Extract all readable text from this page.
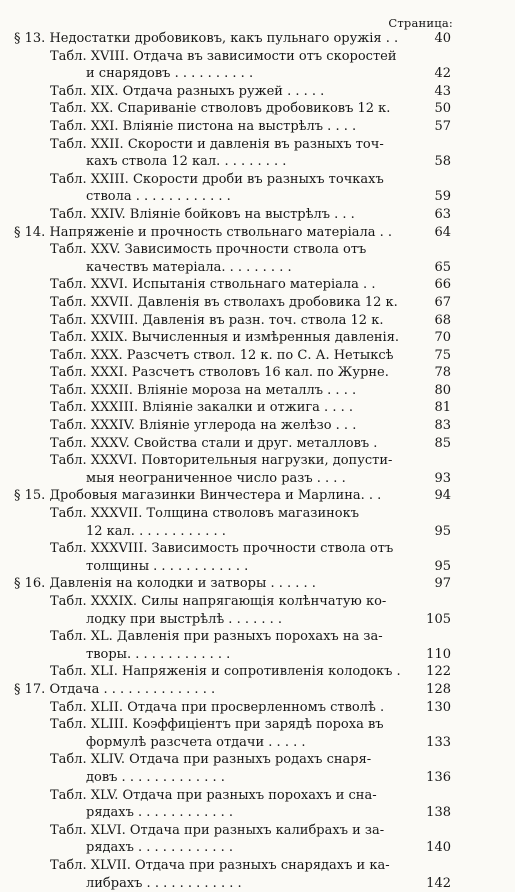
Страница:
§ 13. Недостатки дробовиковъ, какъ пульнаго оружія . .	40
Табл. XVIII. Отдача въ зависимости отъ скоростей
и снарядовъ . . . . . . . . . .	42
Табл. XIX. Отдача разныхъ ружей . . . . .	43
Табл. XX. Спариваніе стволовъ дробовиковъ 12 к.	50
Табл. XXI. Вліяніе пистона на выстрѣлъ . . . .	57
Табл. XXII. Скорости и давленія въ разныхъ точ-
кахъ ствола 12 кал. . . . . . . . .	58
Табл. XXIII. Скорости дроби въ разныхъ точкахъ
ствола . . . . . . . . . . . .	59
Табл. XXIV. Вліяніе бойковъ на выстрѣлъ . . .	63
§ 14. Напряженіе и прочность ствольнаго матеріала . .	64
Табл. XXV. Зависимость прочности ствола отъ
качествъ матеріала. . . . . . . . .	65
Табл. XXVI. Испытанія ствольнаго матеріала . .	66
Табл. XXVII. Давленія въ стволахъ дробовика 12 к.	67
Табл. XXVIII. Давленія въ разн. точ. ствола 12 к.	68
Табл. XXIX. Вычисленныя и измѣренныя давленія.	70
Табл. XXX. Разсчетъ ствол. 12 к. по С. А. Нетыксѣ	75
Табл. XXXI. Разсчетъ стволовъ 16 кал. по Журне.	78
Табл. XXXII. Вліяніе мороза на металлъ . . . .	80
Табл. XXXIII. Вліяніе закалки и отжига . . . .	81
Табл. XXXIV. Вліяніе углерода на желѣзо . . .	83
Табл. XXXV. Свойства стали и друг. металловъ .	85
Табл. XXXVI. Повторительныя нагрузки, допусти-
мыя неограниченное число разъ . . . .	93
§ 15. Дробовыя магазинки Винчестера и Марлина. . .	94
Табл. XXXVII. Толщина стволовъ магазинокъ
12 кал. . . . . . . . . . . .	95
Табл. XXXVIII. Зависимость прочности ствола отъ
толщины . . . . . . . . . . . .	95
§ 16. Давленія на колодки и затворы . . . . . .	97
Табл. XXXIX. Силы напрягающія колѣнчатую ко-
лодку при выстрѣлѣ . . . . . . .	105
Табл. XL. Давленія при разныхъ порохахъ на за-
творы. . . . . . . . . . . . .	110
Табл. XLI. Напряженія и сопротивленія колодокъ . 122
§ 17. Отдача . . . . . . . . . . . . . .	128
Табл. XLII. Отдача при просверленномъ стволѣ .	130
Табл. XLIII. Коэффиціентъ при зарядѣ пороха въ
формулѣ разсчета отдачи . . . . .	133
Табл. XLIV. Отдача при разныхъ родахъ снаря-
довъ . . . . . . . . . . . . .	136
Табл. XLV. Отдача при разныхъ порохахъ и сна-
рядахъ . . . . . . . . . . . .	138
Табл. XLVI. Отдача при разныхъ калибрахъ и за-
рядахъ . . . . . . . . . . . .	140
Табл. XLVII. Отдача при разныхъ снарядахъ и ка-
либрахъ . . . . . . . . . . . .	142
